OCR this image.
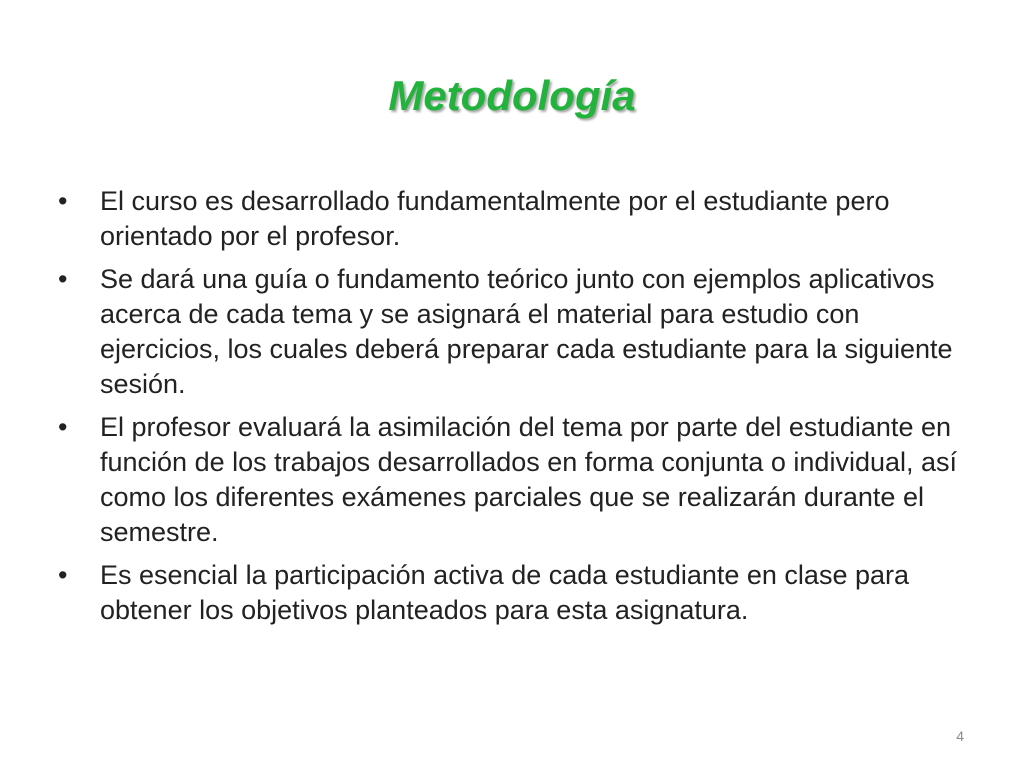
Metodología
•	El curso es desarrollado fundamentalmente por el estudiante pero orientado por el profesor.
•	Se dará una guía o fundamento teórico junto con ejemplos aplicativos acerca de cada tema y se asignará el material para estudio con ejercicios, los cuales deberá preparar cada estudiante para la siguiente sesión.
•	El profesor evaluará la asimilación del tema por parte del estudiante en función de los trabajos desarrollados en forma conjunta o individual, así como los diferentes exámenes parciales que se realizarán durante el semestre.
•	Es esencial la participación activa de cada estudiante en clase para obtener los objetivos planteados para esta asignatura.
4
